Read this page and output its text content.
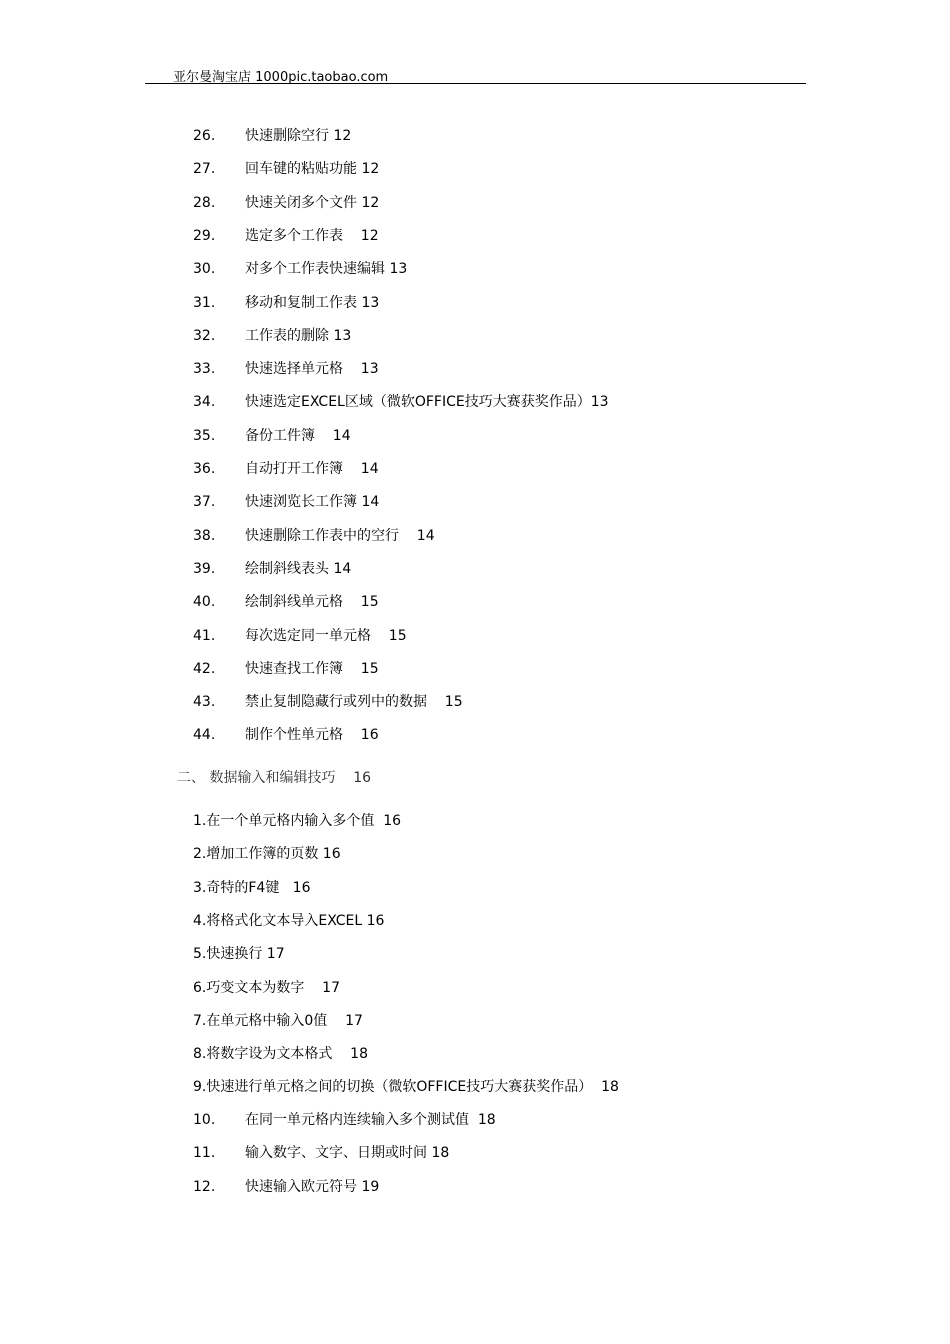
亚尔曼淘宝店 1000pic.taobao.com
26. 快速删除空行 12
27. 回车键的粘贴功能 12
28. 快速关闭多个文件 12
29. 选定多个工作表    12
30. 对多个工作表快速编辑 13
31. 移动和复制工作表 13
32. 工作表的删除 13
33. 快速选择单元格    13
34. 快速选定EXCEL区域（微软OFFICE技巧大赛获奖作品）13
35. 备份工件簿    14
36. 自动打开工作簿    14
37. 快速浏览长工作簿 14
38. 快速删除工作表中的空行    14
39. 绘制斜线表头 14
40. 绘制斜线单元格    15
41. 每次选定同一单元格    15
42. 快速查找工作簿    15
43. 禁止复制隐藏行或列中的数据    15
44. 制作个性单元格    16
二、 数据输入和编辑技巧    16
1.在一个单元格内输入多个值  16
2.增加工作簿的页数 16
3.奇特的F4键   16
4.将格式化文本导入EXCEL 16
5.快速换行 17
6.巧变文本为数字    17
7.在单元格中输入0值    17
8.将数字设为文本格式    18
9.快速进行单元格之间的切换（微软OFFICE技巧大赛获奖作品）  18
10. 在同一单元格内连续输入多个测试值  18
11. 输入数字、文字、日期或时间 18
12. 快速输入欧元符号 19
